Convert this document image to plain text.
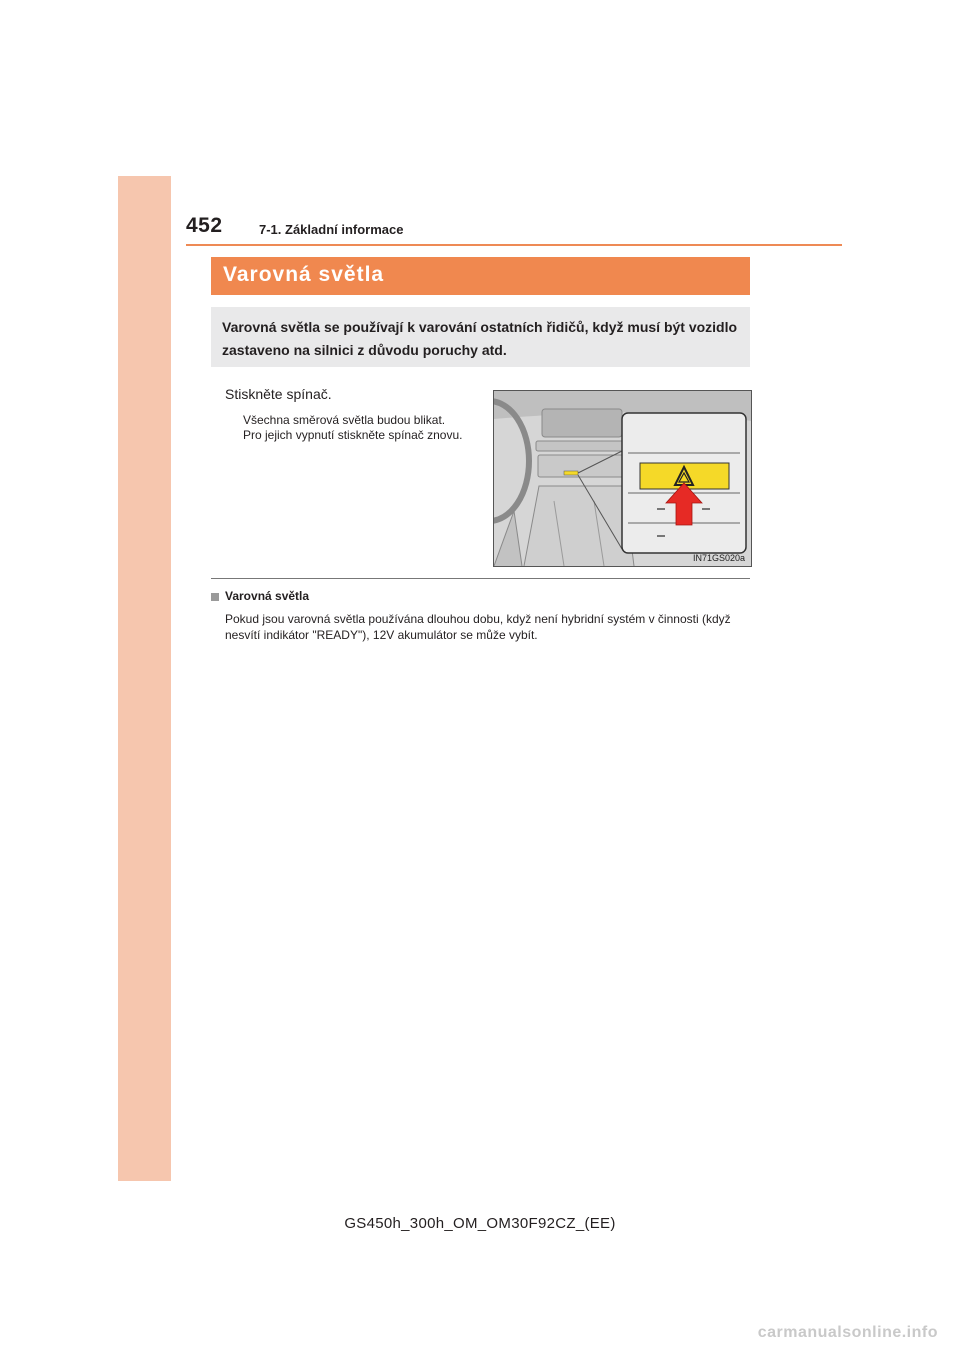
452	7-1. Základní informace
Varovná světla
Varovná světla se používají k varování ostatních řidičů, když musí být vozidlo zastaveno na silnici z důvodu poruchy atd.
Stiskněte spínač.
Všechna směrová světla budou blikat.
Pro jejich vypnutí stiskněte spínač znovu.
IN71GS020a
Varovná světla
Pokud jsou varovná světla používána dlouhou dobu, když není hybridní systém v činnosti (když nesvítí indikátor "READY"), 12V akumulátor se může vybít.
GS450h_300h_OM_OM30F92CZ_(EE)
carmanualsonline.info
